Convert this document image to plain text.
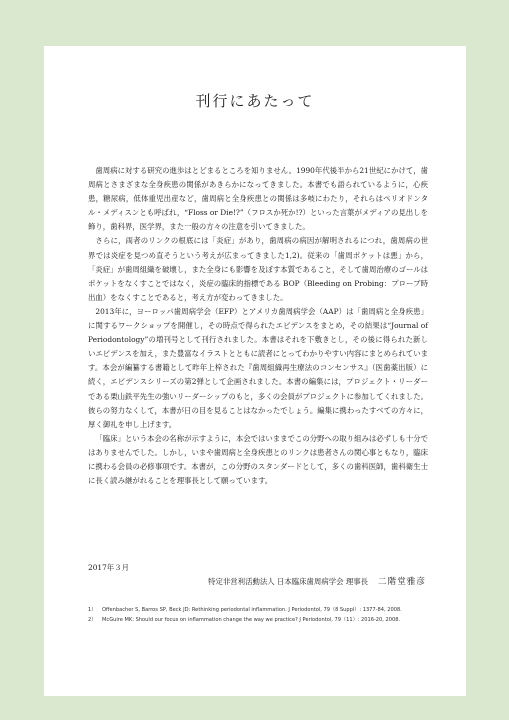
刊行にあたって

歯周病に対する研究の進歩はとどまるところを知りません。1990年代後半から21世紀にかけて，歯周病とさまざまな全身疾患の関係があきらかになってきました。本書でも語られているように，心疾患，糖尿病，低体重児出産など，歯周病と全身疾患との関係は多岐にわたり，それらはペリオドンタル・メディスンとも呼ばれ，“Floss or Die!?”（フロスか死か!?）といった言葉がメディアの見出しを飾り，歯科界，医学界，また一般の方々の注意を引いてきました。

さらに，両者のリンクの根底には「炎症」があり，歯周病の病因が解明されるにつれ，歯周病の世界では炎症を見つめ直そうという考えが広まってきました1,2)。従来の「歯周ポケットは悪」から，「炎症」が歯周組織を破壊し，また全身にも影響を及ぼす本質であること，そして歯周治療のゴールはポケットをなくすことではなく，炎症の臨床的指標である BOP（Bleeding on Probing：プローブ時出血）をなくすことであると，考え方が変わってきました。

2013年に，ヨーロッパ歯周病学会（EFP）とアメリカ歯周病学会（AAP）は「歯周病と全身疾患」に関するワークショップを開催し，その時点で得られたエビデンスをまとめ，その結果は“Journal of Periodontology”の増刊号として刊行されました。本書はそれを下敷きとし，その後に得られた新しいエビデンスを加え，また豊富なイラストとともに読者にとってわかりやすい内容にまとめられています。本会が編纂する書籍として昨年上梓された『歯周組織再生療法のコンセンサス』（医歯薬出版）に続く，エビデンスシリーズの第2弾として企画されました。本書の編集には，プロジェクト・リーダーである栗山鉄平先生の強いリーダーシップのもと，多くの会員がプロジェクトに参加してくれました。彼らの努力なくして，本書が日の目を見ることはなかったでしょう。編集に携わったすべての方々に，厚く御礼を申し上げます。

「臨床」という本会の名称が示すように，本会ではいままでこの分野への取り組みは必ずしも十分ではありませんでした。しかし，いまや歯周病と全身疾患とのリンクは患者さんの関心事ともなり，臨床に携わる会員の必修事項です。本書が，この分野のスタンダードとして，多くの歯科医師，歯科衛生士に長く読み継がれることを理事長として願っています。

2017年３月
特定非営利活動法人 日本臨床歯周病学会 理事長 二階堂雅彦
1）	Offenbacher S, Barros SP, Beck JD: Rethinking periodontal inflammation. J Periodontol, 79（8 Suppl）: 1377-84, 2008.
2）	McGuire MK: Should our focus on inflammation change the way we practice? J Periodontol, 79（11）: 2016-20, 2008.
